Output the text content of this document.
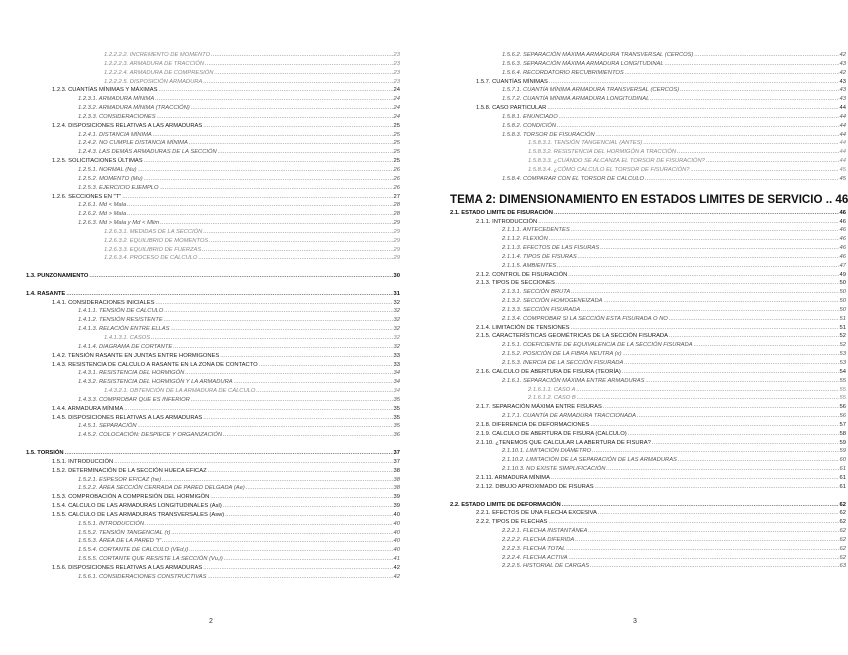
1.2.2.2.2. INCREMENTO DE MOMENTO .....	23
1.2.2.2.3. ARMADURA DE TRACCIÓN .....	23
1.2.2.2.4. ARMADURA DE COMPRESIÓN .....	23
1.2.2.2.5. DISPOSICIÓN ARMADURA .....	23
1.2.3. CUANTÍAS MÍNIMAS Y MÁXIMAS .....	24
1.2.3.1. ARMADURA MÍNIMA .....	24
1.2.3.2. ARMADURA MÍNIMA (TRACCIÓN) .....	24
1.2.3.3. CONSIDERACIONES .....	24
1.2.4. DISPOSICIONES RELATIVAS A LAS ARMADURAS .....	25
1.2.4.1. DISTANCIA MÍNIMA .....	25
1.2.4.2. NO CUMPLE DISTANCIA MÍNIMA .....	25
1.2.4.3. LAS DEMÁS ARMADURAS DE LA SECCIÓN .....	25
1.2.5. SOLICITACIONES ÚLTIMAS .....	25
1.2.5.1. NORMAL (Nu) .....	26
1.2.5.2. MOMENTO (Mu) .....	26
1.2.5.3. EJERCICIO EJEMPLO .....	26
1.2.6. SECCIONES EN "T" .....	27
1.2.6.1. Md < Mala .....	28
1.2.6.2. Md > Mala .....	28
1.2.6.3. Md > Mala y Md < Mlim .....	29
1.2.6.3.1. MEDIDAS DE LA SECCIÓN .....	29
1.2.6.3.2. EQUILIBRIO DE MOMENTOS .....	29
1.2.6.3.3. EQUILIBRIO DE FUERZAS .....	29
1.2.6.3.4. PROCESO DE CALCULO .....	29
1.3. PUNZONAMIENTO .....	30
1.4. RASANTE .....	31
1.4.1. CONSIDERACIONES INICIALES .....	32
1.4.1.1. TENSIÓN DE CALCULO .....	32
1.4.1.2. TENSIÓN RESISTENTE .....	32
1.4.1.3. RELACIÓN ENTRE ELLAS .....	32
1.4.1.3.1. CASOS .....	32
1.4.1.4. DIAGRAMA DE CORTANTE .....	32
1.4.2. TENSIÓN RASANTE EN JUNTAS ENTRE HORMIGONES .....	33
1.4.3. RESISTENCIA DE CALCULO A RASANTE EN LA ZONA DE CONTACTO .....	33
1.4.3.1. RESISTENCIA DEL HORMIGÓN .....	34
1.4.3.2. RESISTENCIA DEL HORMIGÓN Y LA ARMADURA .....	34
1.4.3.2.1. OBTENCIÓN DE LA ARMADURA DE CÁLCULO .....	34
1.4.3.3. COMPROBAR QUE ES INFERIOR .....	35
1.4.4. ARMADURA MÍNIMA .....	35
1.4.5. DISPOSICIONES RELATIVAS A LAS ARMADURAS .....	35
1.4.5.1. SEPARACIÓN .....	35
1.4.5.2. COLOCACIÓN: DESPIECE Y ORGANIZACIÓN .....	36
1.5. TORSIÓN .....	37
1.5.1. INTRODUCCIÓN .....	37
1.5.2. DETERMINACIÓN DE LA SECCIÓN HUECA EFICAZ .....	38
1.5.2.1. ESPESOR EFICAZ (he) .....	38
1.5.2.2. ÁREA SECCIÓN CERRADA DE PARED DELGADA (Ae) .....	38
1.5.3. COMPROBACIÓN A COMPRESIÓN DEL HORMIGÓN .....	39
1.5.4. CALCULO DE LAS ARMADURAS LONGITUDINALES (Asl) .....	39
1.5.5. CALCULO DE LAS ARMADURAS TRANSVERSALES (Asw) .....	40
1.5.5.1. INTRODUCCIÓN .....	40
1.5.5.2. TENSIÓN TANGENCIAL (τ) .....	40
1.5.5.3. ÁREA DE LA PARED "t" .....	40
1.5.5.4. CORTANTE DE CALCULO (VEd,i) .....	40
1.5.5.5. CORTANTE QUE RESISTE LA SECCIÓN (Vu,i) .....	41
1.5.6. DISPOSICIONES RELATIVAS A LAS ARMADURAS .....	42
1.5.6.1. CONSIDERACIONES CONSTRUCTIVAS .....	42
2
1.5.6.2. SEPARACIÓN MÁXIMA ARMADURA TRANSVERSAL (CERCOS) .....	42
1.5.6.3. SEPARACIÓN MÁXIMA ARMADURA LONGITUDINAL .....	43
1.5.6.4. RECORDATORIO RECUBRIMIENTOS .....	42
1.5.7. CUANTÍAS MÍNIMAS .....	43
1.5.7.1. CUANTÍA MÍNIMA ARMADURA TRANSVERSAL (CERCOS) .....	43
1.5.7.2. CUANTÍA MÍNIMA ARMADURA LONGITUDINAL .....	43
1.5.8. CASO PARTICULAR .....	44
1.5.8.1. ENUNCIADO .....	44
1.5.8.2. CONDICIÓN .....	44
1.5.8.3. TORSOR DE FISURACIÓN .....	44
1.5.8.3.1. TENSIÓN TANGENCIAL (ANTES) .....	44
1.5.8.3.2. RESISTENCIA DEL HORMIGÓN A TRACCIÓN .....	44
1.5.8.3.3. ¿CUÁNDO SE ALCANZA EL TORSOR DE FISURACIÓN? .....	44
1.5.8.3.4. ¿CÓMO CALCULO EL TORSOR DE FISURACIÓN? .....	45
1.5.8.4. COMPARAR CON EL TORSOR DE CALCULO .....	45
TEMA 2: DIMENSIONAMIENTO EN ESTADOS LIMITES DE SERVICIO .. 46
2.1. ESTADO LIMITE DE FISURACIÓN .....	46
2.1.1. INTRODUCCIÓN .....	46
2.1.1.1. ANTECEDENTES .....	46
2.1.1.2. FLEXIÓN .....	46
2.1.1.3. EFECTOS DE LAS FISURAS .....	46
2.1.1.4. TIPOS DE FISURAS .....	46
2.1.1.5. AMBIENTES .....	47
2.1.2. CONTROL DE FISURACIÓN .....	49
2.1.3. TIPOS DE SECCIONES .....	50
2.1.3.1. SECCIÓN BRUTA .....	50
2.1.3.2. SECCIÓN HOMOGENEIZADA .....	50
2.1.3.3. SECCIÓN FISURADA .....	50
2.1.3.4. COMPROBAR SI LA SECCIÓN ESTA FISURADA O NO .....	51
2.1.4. LIMITACIÓN DE TENSIONES .....	51
2.1.5. CARACTERÍSTICAS GEOMÉTRICAS DE LA SECCIÓN FISURADA .....	52
2.1.5.1. COEFICIENTE DE EQUIVALENCIA DE LA SECCIÓN FISURADA .....	52
2.1.5.2. POSICIÓN DE LA FIBRA NEUTRA (x) .....	53
2.1.5.3. INERCIA DE LA SECCIÓN FISURADA .....	53
2.1.6. CALCULO DE ABERTURA DE FISURA (TEORÍA) .....	54
2.1.6.1. SEPARACIÓN MÁXIMA ENTRE ARMADURAS .....	55
2.1.6.1.1. CASO A .....	55
2.1.6.1.2. CASO B .....	55
2.1.7. SEPARACIÓN MÁXIMA ENTRE FISURAS .....	56
2.1.7.1. CUANTÍA DE ARMADURA TRACCIONADA .....	56
2.1.8. DIFERENCIA DE DEFORMACIONES .....	57
2.1.9. CALCULO DE ABERTURA DE FISURA (CALCULO) .....	58
2.1.10. ¿TENEMOS QUE CALCULAR LA ABERTURA DE FISURA? .....	59
2.1.10.1. LIMITACIÓN DIÁMETRO .....	59
2.1.10.2. LIMITACIÓN DE LA SEPARACIÓN DE LAS ARMADURAS .....	60
2.1.10.3. NO EXISTE SIMPLIFICACIÓN .....	61
2.1.11. ARMADURA MÍNIMA .....	61
2.1.12. DIBUJO APROXIMADO DE FISURAS .....	61
2.2. ESTADO LIMITE DE DEFORMACIÓN .....	62
2.2.1. EFECTOS DE UNA FLECHA EXCESIVA .....	62
2.2.2. TIPOS DE FLECHAS .....	62
2.2.2.1. FLECHA INSTANTÁNEA .....	62
2.2.2.2. FLECHA DIFERIDA .....	62
2.2.2.3. FLECHA TOTAL .....	62
2.2.2.4. FLECHA ACTIVA .....	62
2.2.2.5. HISTORIAL DE CARGAS .....	63
3
